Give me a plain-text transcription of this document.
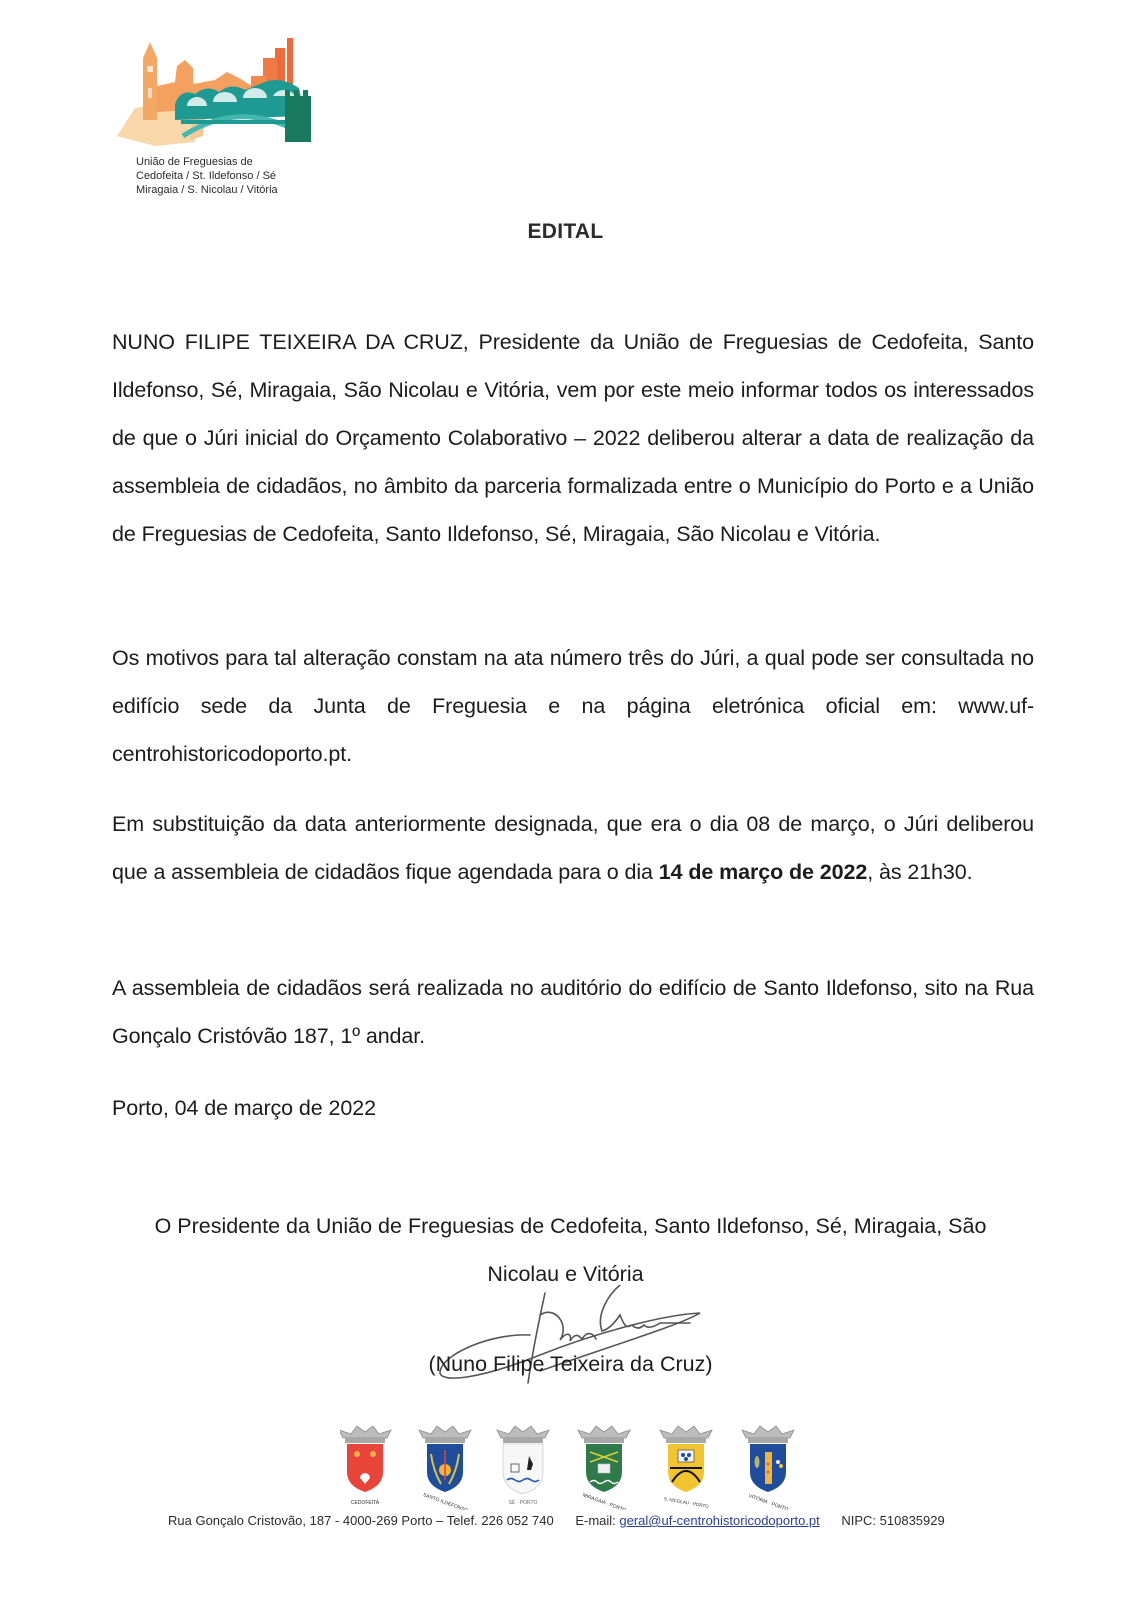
União de Freguesias de
Cedofeita / St. Ildefonso / Sé
Miragaia / S. Nicolau / Vitória
EDITAL
NUNO FILIPE TEIXEIRA DA CRUZ, Presidente da União de Freguesias de Cedofeita, Santo Ildefonso, Sé, Miragaia, São Nicolau e Vitória, vem por este meio informar todos os interessados de que o Júri inicial do Orçamento Colaborativo – 2022 deliberou alterar a data de realização da assembleia de cidadãos, no âmbito da parceria formalizada entre o Município do Porto e a União de Freguesias de Cedofeita, Santo Ildefonso, Sé, Miragaia, São Nicolau e Vitória.
Os motivos para tal alteração constam na ata número três do Júri, a qual pode ser consultada no edifício sede da Junta de Freguesia e na página eletrónica oficial em: www.uf-centrohistoricodoporto.pt.
Em substituição da data anteriormente designada, que era o dia 08 de março, o Júri deliberou que a assembleia de cidadãos fique agendada para o dia 14 de março de 2022, às 21h30.
A assembleia de cidadãos será realizada no auditório do edifício de Santo Ildefonso, sito na Rua Gonçalo Cristóvão 187, 1º andar.
Porto, 04 de março de 2022
O Presidente da União de Freguesias de Cedofeita, Santo Ildefonso, Sé, Miragaia, São
Nicolau e Vitória
(Nuno Filipe Teixeira da Cruz)
CEDOFEITA	SANTO ILDEFONSO	SÉ · PORTO	MIRAGAIA · PORTO	S. NICOLAU · PORTO	VITÓRIA · PORTO
Rua Gonçalo Cristovão, 187 - 4000-269 Porto – Telef. 226 052 740 E-mail: geral@uf-centrohistoricodoporto.pt NIPC: 510835929
